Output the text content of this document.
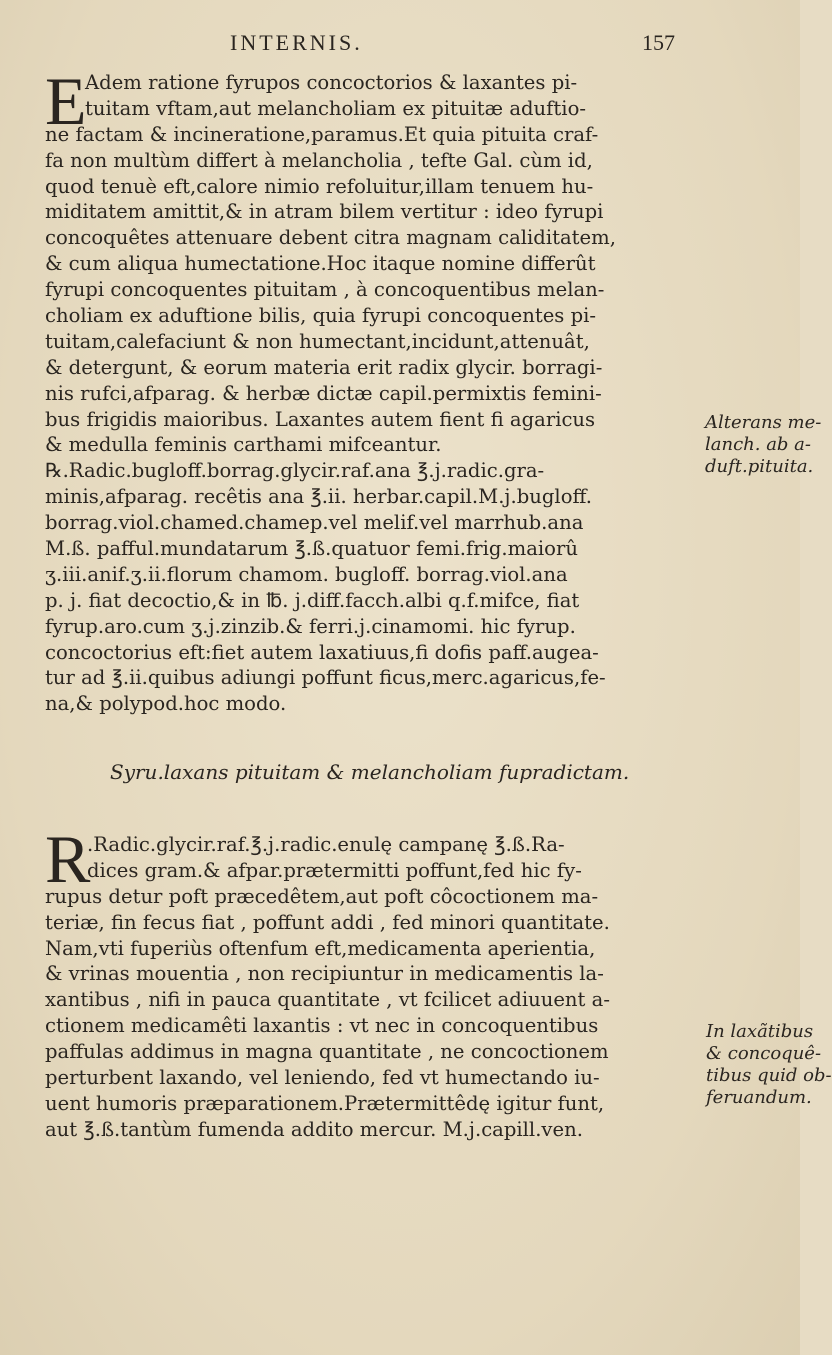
INTERNIS.	157
E
Adem ratione fyrupos concoctorios & laxantes pi-
tuitam vftam,aut melancholiam ex pituitæ aduftio-
ne factam & incineratione,paramus.Et quia pituita craf-
fa non multùm differt à melancholia , tefte Gal. cùm id,
quod tenuè eft,calore nimio refoluitur,illam tenuem hu-
miditatem amittit,& in atram bilem vertitur : ideo fyrupi
concoquêtes attenuare debent citra magnam caliditatem,
& cum aliqua humectatione.Hoc itaque nomine differût
fyrupi concoquentes pituitam , à concoquentibus melan-
choliam ex aduftione bilis, quia fyrupi concoquentes pi-
tuitam,calefaciunt & non humectant,incidunt,attenuât,
& detergunt, & eorum materia erit radix glycir. borragi-
nis rufci,afparag. & herbæ dictæ capil.permixtis femini-
bus frigidis maioribus. Laxantes autem fient fi agaricus
& medulla feminis carthami mifceantur.
℞.Radic.bugloff.borrag.glycir.raf.ana ℥.j.radic.gra-
minis,afparag. recêtis ana ℥.ii. herbar.capil.M.j.bugloff.
borrag.viol.chamed.chamep.vel melif.vel marrhub.ana
M.ß. pafful.mundatarum ℥.ß.quatuor femi.frig.maiorû
ʒ.iii.anif.ʒ.ii.florum chamom. bugloff. borrag.viol.ana
p. j. fiat decoctio,& in ℔. j.diff.facch.albi q.f.mifce, fiat
fyrup.aro.cum ʒ.j.zinzib.& ferri.j.cinamomi. hic fyrup.
concoctorius eft:fiet autem laxatiuus,fi dofis paff.augea-
tur ad ℥.ii.quibus adiungi poffunt ficus,merc.agaricus,fe-
na,& polypod.hoc modo.
Syru.laxans pituitam & melancholiam fupradictam.
R
.Radic.glycir.raf.℥.j.radic.enulę campanę ℥.ß.Ra-
dices gram.& afpar.prætermitti poffunt,fed hic fy-
rupus detur poft præcedêtem,aut poft côcoctionem ma-
teriæ, fin fecus fiat , poffunt addi , fed minori quantitate.
Nam,vti fuperiùs oftenfum eft,medicamenta aperientia,
& vrinas mouentia , non recipiuntur in medicamentis la-
xantibus , nifi in pauca quantitate , vt fcilicet adiuuent a-
ctionem medicamêti laxantis : vt nec in concoquentibus
paffulas addimus in magna quantitate , ne concoctionem
perturbent laxando, vel leniendo, fed vt humectando iu-
uent humoris præparationem.Prætermittêdę igitur funt,
aut ℥.ß.tantùm fumenda addito mercur. M.j.capill.ven.
Alterans me-
lanch. ab a-
duft.pituita.
In laxãtibus
& concoquê-
tibus quid ob-
feruandum.
